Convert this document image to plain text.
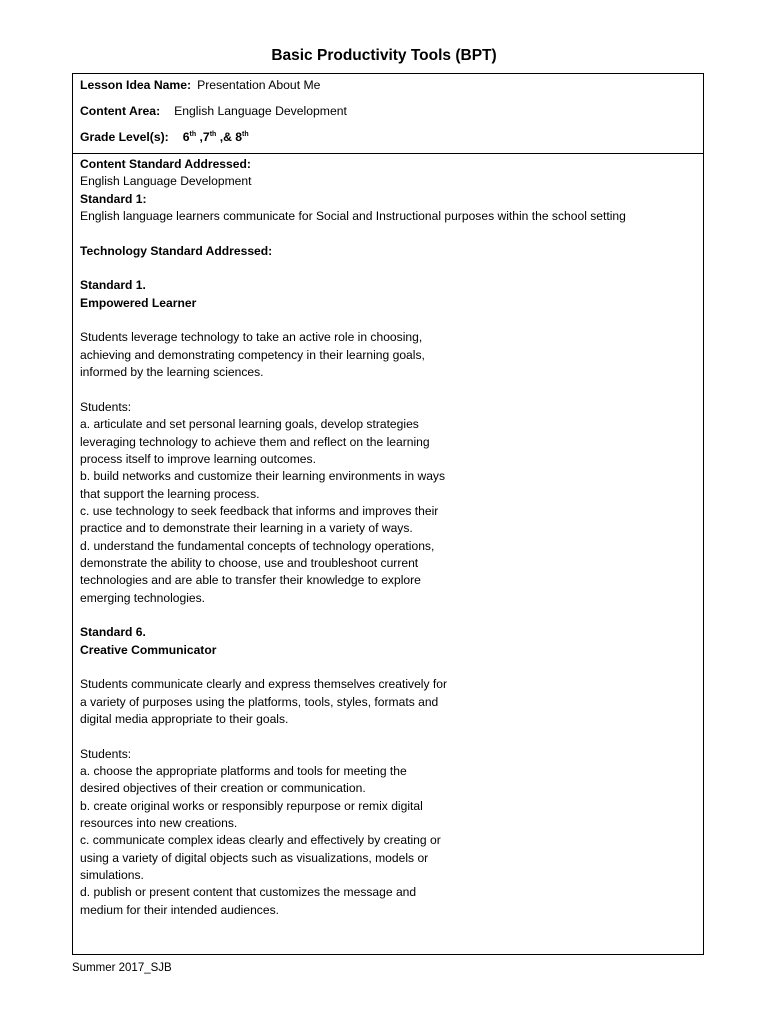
Basic Productivity Tools (BPT)
Lesson Idea Name: Presentation About Me
Content Area: English Language Development
Grade Level(s): 6th ,7th ,& 8th
Content Standard Addressed:
English Language Development
Standard 1:
English language learners communicate for Social and Instructional purposes within the school setting
Technology Standard Addressed:
Standard 1.
Empowered Learner
Students leverage technology to take an active role in choosing,
achieving and demonstrating competency in their learning goals,
informed by the learning sciences.
Students:
a. articulate and set personal learning goals, develop strategies
leveraging technology to achieve them and reflect on the learning
process itself to improve learning outcomes.
b. build networks and customize their learning environments in ways
that support the learning process.
c. use technology to seek feedback that informs and improves their
practice and to demonstrate their learning in a variety of ways.
d. understand the fundamental concepts of technology operations,
demonstrate the ability to choose, use and troubleshoot current
technologies and are able to transfer their knowledge to explore
emerging technologies.
Standard 6.
Creative Communicator
Students communicate clearly and express themselves creatively for
a variety of purposes using the platforms, tools, styles, formats and
digital media appropriate to their goals.
Students:
a. choose the appropriate platforms and tools for meeting the
desired objectives of their creation or communication.
b. create original works or responsibly repurpose or remix digital
resources into new creations.
c. communicate complex ideas clearly and effectively by creating or
using a variety of digital objects such as visualizations, models or
simulations.
d. publish or present content that customizes the message and
medium for their intended audiences.
Summer 2017_SJB
